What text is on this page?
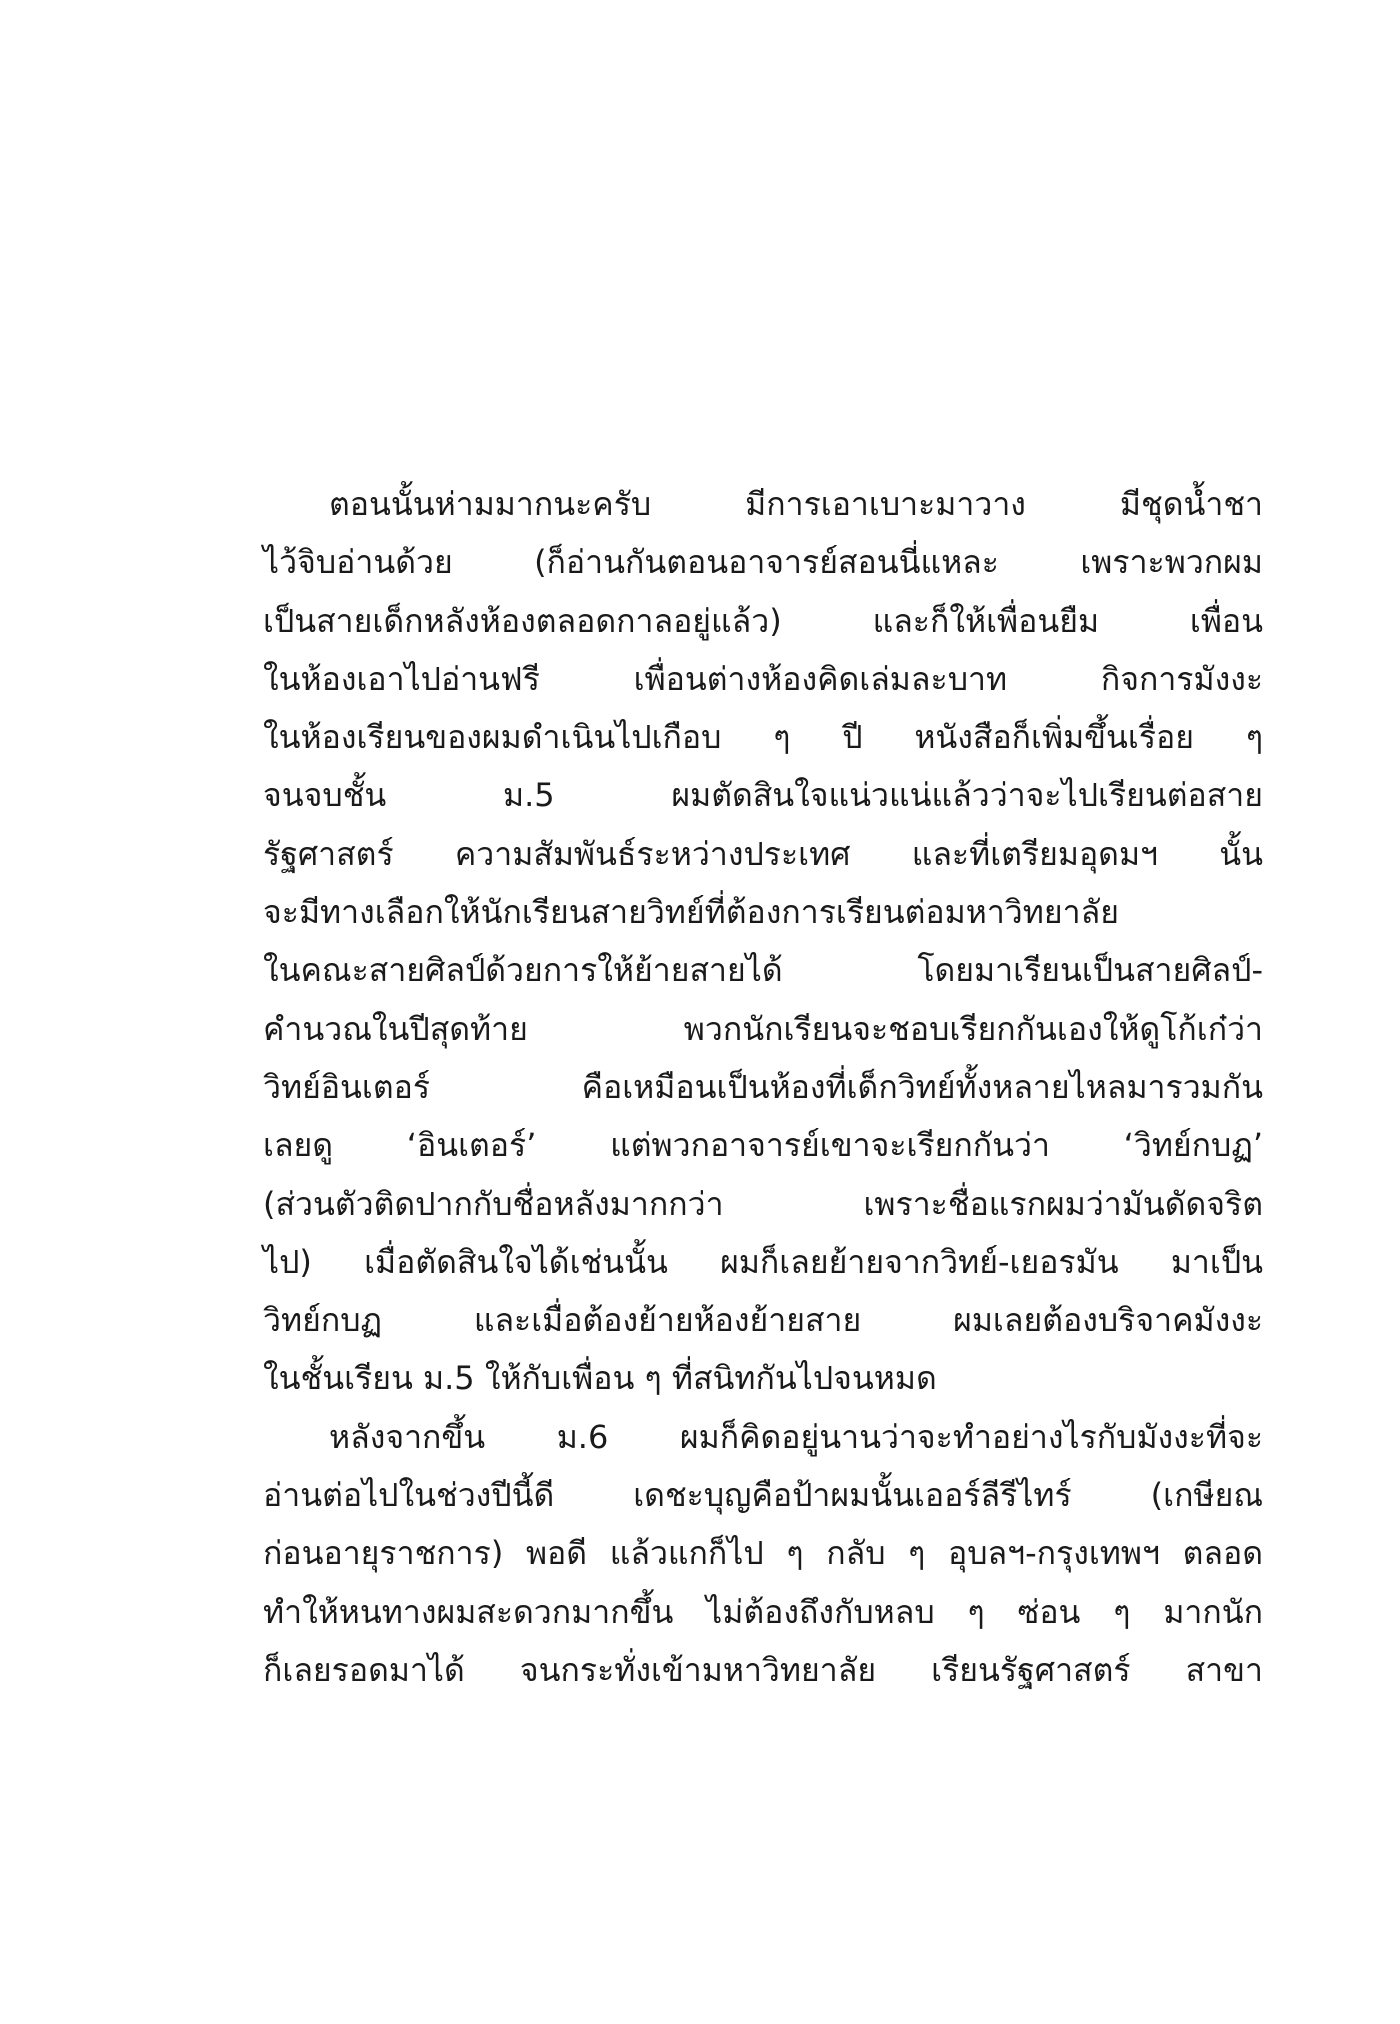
ตอนนั้นห่ามมากนะครับ มีการเอาเบาะมาวาง มีชุดน้ำชา
ไว้จิบอ่านด้วย (ก็อ่านกันตอนอาจารย์สอนนี่แหละ เพราะพวกผม
เป็นสายเด็กหลังห้องตลอดกาลอยู่แล้ว) และก็ให้เพื่อนยืม เพื่อน
ในห้องเอาไปอ่านฟรี เพื่อนต่างห้องคิดเล่มละบาท กิจการมังงะ
ในห้องเรียนของผมดำเนินไปเกือบ ๆ ปี หนังสือก็เพิ่มขึ้นเรื่อย ๆ
จนจบชั้น ม.5 ผมตัดสินใจแน่วแน่แล้วว่าจะไปเรียนต่อสาย
รัฐศาสตร์ ความสัมพันธ์ระหว่างประเทศ และที่เตรียมอุดมฯ นั้น
จะมีทางเลือกให้นักเรียนสายวิทย์ที่ต้องการเรียนต่อมหาวิทยาลัย
ในคณะสายศิลป์ด้วยการให้ย้ายสายได้ โดยมาเรียนเป็นสายศิลป์-
คำนวณในปีสุดท้าย พวกนักเรียนจะชอบเรียกกันเองให้ดูโก้เก๋ว่า
วิทย์อินเตอร์ คือเหมือนเป็นห้องที่เด็กวิทย์ทั้งหลายไหลมารวมกัน
เลยดู ‘อินเตอร์’ แต่พวกอาจารย์เขาจะเรียกกันว่า ‘วิทย์กบฏ’
(ส่วนตัวติดปากกับชื่อหลังมากกว่า เพราะชื่อแรกผมว่ามันดัดจริต
ไป) เมื่อตัดสินใจได้เช่นนั้น ผมก็เลยย้ายจากวิทย์-เยอรมัน มาเป็น
วิทย์กบฏ และเมื่อต้องย้ายห้องย้ายสาย ผมเลยต้องบริจาคมังงะ
ในชั้นเรียน ม.5 ให้กับเพื่อน ๆ ที่สนิทกันไปจนหมด
หลังจากขึ้น ม.6 ผมก็คิดอยู่นานว่าจะทำอย่างไรกับมังงะที่จะ
อ่านต่อไปในช่วงปีนี้ดี เดชะบุญคือป้าผมนั้นเออร์ลีรีไทร์ (เกษียณ
ก่อนอายุราชการ) พอดี แล้วแกก็ไป ๆ กลับ ๆ อุบลฯ-กรุงเทพฯ ตลอด
ทำให้หนทางผมสะดวกมากขึ้น ไม่ต้องถึงกับหลบ ๆ ซ่อน ๆ มากนัก
ก็เลยรอดมาได้ จนกระทั่งเข้ามหาวิทยาลัย เรียนรัฐศาสตร์ สาขา
